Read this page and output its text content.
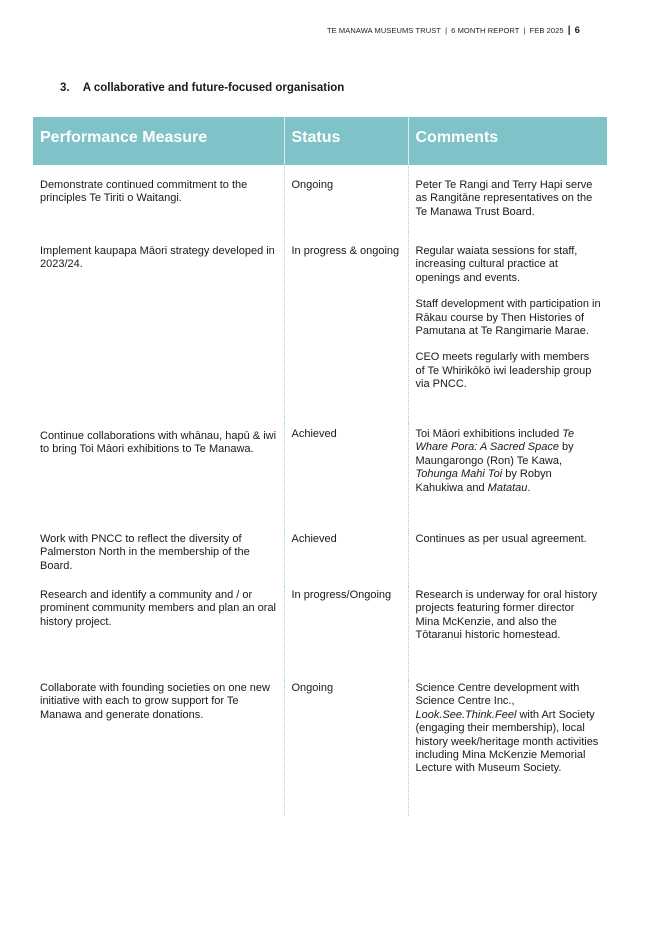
TE MANAWA MUSEUMS TRUST | 6 MONTH REPORT | FEB 2025 | 6
3. A collaborative and future-focused organisation
Performance Measure	Status	Comments
Demonstrate continued commitment to the principles Te Tiriti o Waitangi.	Ongoing	Peter Te Rangi and Terry Hapi serve as Rangitāne representatives on the Te Manawa Trust Board.

Implement kaupapa Māori strategy developed in 2023/24.	In progress & ongoing	Regular waiata sessions for staff, increasing cultural practice at openings and events.
Staff development with participation in Rākau course by Then Histories of Pamutana at Te Rangimarie Marae.
CEO meets regularly with members of Te Whirikōkō iwi leadership group via PNCC.

Continue collaborations with whānau, hapū & iwi to bring Toi Māori exhibitions to Te Manawa.	Achieved	Toi Māori exhibitions included Te Whare Pora: A Sacred Space by Maungarongo (Ron) Te Kawa, Tohunga Mahi Toi by Robyn Kahukiwa and Matatau.
Work with PNCC to reflect the diversity of Palmerston North in the membership of the Board.	Achieved	Continues as per usual agreement.

Research and identify a community and / or prominent community members and plan an oral history project.	In progress/Ongoing	Research is underway for oral history projects featuring former director Mina McKenzie, and also the Tōtaranui historic homestead.

Collaborate with founding societies on one new initiative with each to grow support for Te Manawa and generate donations.	Ongoing	Science Centre development with Science Centre Inc., Look.See.Think.Feel with Art Society (engaging their membership), local history week/heritage month activities including Mina McKenzie Memorial Lecture with Museum Society.
